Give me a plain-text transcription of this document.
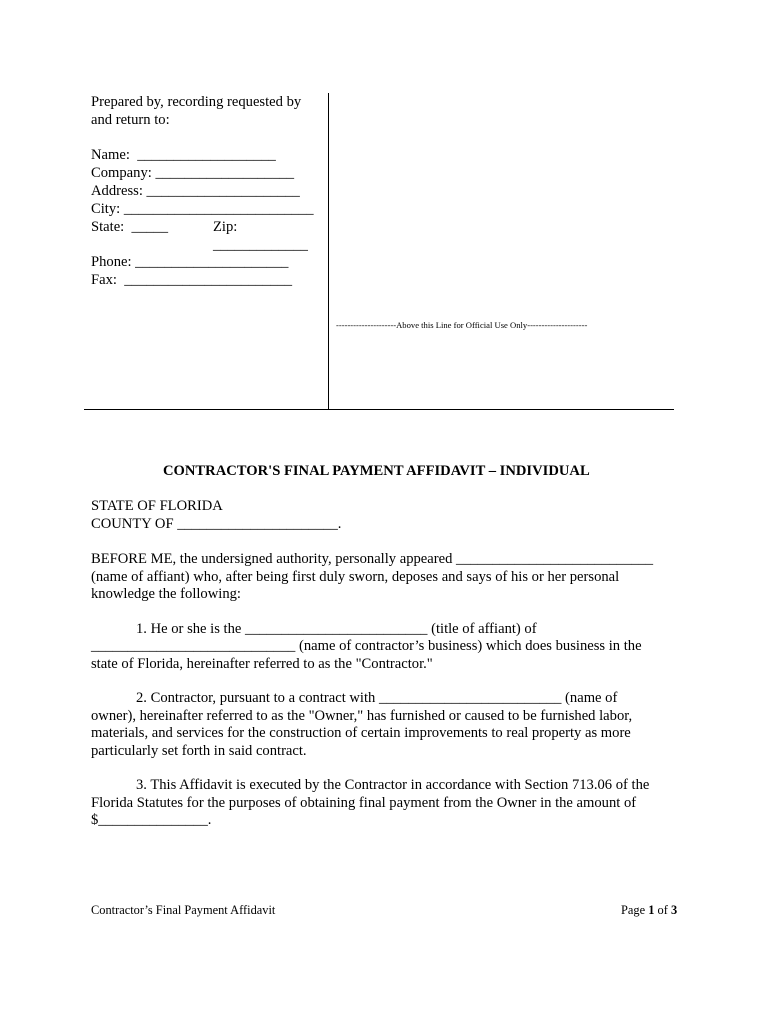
Prepared by, recording requested by
and return to:
Name:  ___________________
Company: ___________________
Address: _____________________
City: __________________________
State:  _____	Zip:
_____________
Phone: _____________________
Fax:  _______________________
---------------------Above this Line for Official Use Only---------------------
CONTRACTOR'S FINAL PAYMENT AFFIDAVIT – INDIVIDUAL
STATE OF FLORIDA
COUNTY OF ______________________.
BEFORE ME, the undersigned authority, personally appeared ___________________________
(name of affiant) who, after being first duly sworn, deposes and says of his or her personal
knowledge the following:
1. He or she is the _________________________ (title of affiant) of
____________________________ (name of contractor’s business) which does business in the
state of Florida, hereinafter referred to as the "Contractor."
2. Contractor, pursuant to a contract with _________________________ (name of
owner), hereinafter referred to as the "Owner," has furnished or caused to be furnished labor,
materials, and services for the construction of certain improvements to real property as more
particularly set forth in said contract.
3. This Affidavit is executed by the Contractor in accordance with Section 713.06 of the
Florida Statutes for the purposes of obtaining final payment from the Owner in the amount of
$_______________.
Contractor’s Final Payment Affidavit	Page 1 of 3
